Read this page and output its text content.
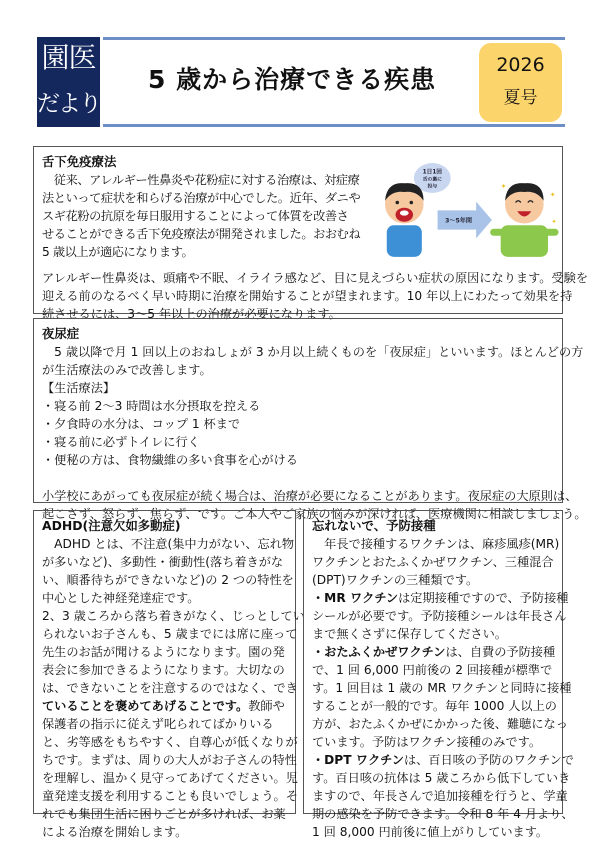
園医
だより
5 歳から治療できる疾患	2026
夏号
舌下免疫療法
　従来、アレルギー性鼻炎や花粉症に対する治療は、対症療
法といって症状を和らげる治療が中心でした。近年、ダニや
スギ花粉の抗原を毎日服用することによって体質を改善さ
せることができる舌下免疫療法が開発されました。おおむね
5 歳以上が適応になります。
アレルギー性鼻炎は、頭痛や不眠、イライラ感など、目に見えづらい症状の原因になります。受験を
迎える前のなるべく早い時期に治療を開始することが望まれます。10 年以上にわたって効果を持
続させるには、3～5 年以上の治療が必要になります。
1日1回
舌の裏に
投与
3～5年間
✦
✦
✦
夜尿症
　5 歳以降で月 1 回以上のおねしょが 3 か月以上続くものを「夜尿症」といいます。ほとんどの方
が生活療法のみで改善します。
【生活療法】
・寝る前 2～3 時間は水分摂取を控える
・夕食時の水分は、コップ 1 杯まで
・寝る前に必ずトイレに行く
・便秘の方は、食物繊維の多い食事を心がける
小学校にあがっても夜尿症が続く場合は、治療が必要になることがあります。夜尿症の大原則は、
起こさず、怒らず、焦らず、です。ご本人やご家族の悩みが深ければ、医療機関に相談しましょう。
ADHD(注意欠如多動症)
　ADHD とは、不注意(集中力がない、忘れ物
が多いなど)、多動性・衝動性(落ち着きがな
い、順番待ちができないなど)の 2 つの特性を
中心とした神経発達症です。
2、3 歳ころから落ち着きがなく、じっとしてい
られないお子さんも、5 歳までには席に座って
先生のお話が聞けるようになります。園の発
表会に参加できるようになります。大切なの
は、できないことを注意するのではなく、でき
ていることを褒めてあげることです。教師や
保護者の指示に従えず叱られてばかりいる
と、劣等感をもちやすく、自尊心が低くなりが
ちです。まずは、周りの大人がお子さんの特性
を理解し、温かく見守ってあげてください。児
童発達支援を利用することも良いでしょう。そ
れでも集団生活に困りごとが多ければ、お薬
による治療を開始します。
忘れないで、予防接種
　年長で接種するワクチンは、麻疹風疹(MR)
ワクチンとおたふくかぜワクチン、三種混合
(DPT)ワクチンの三種類です。
・MR ワクチンは定期接種ですので、予防接種
シールが必要です。予防接種シールは年長さん
まで無くさずに保存してください。
・おたふくかぜワクチンは、自費の予防接種
で、1 回 6,000 円前後の 2 回接種が標準で
す。1 回目は 1 歳の MR ワクチンと同時に接種
することが一般的です。毎年 1000 人以上の
方が、おたふくかぜにかかった後、難聴になっ
ています。予防はワクチン接種のみです。
・DPT ワクチンは、百日咳の予防のワクチンで
す。百日咳の抗体は 5 歳ころから低下していき
ますので、年長さんで追加接種を行うと、学童
期の感染を予防できます。令和 8 年 4 月より、
1 回 8,000 円前後に値上がりしています。
